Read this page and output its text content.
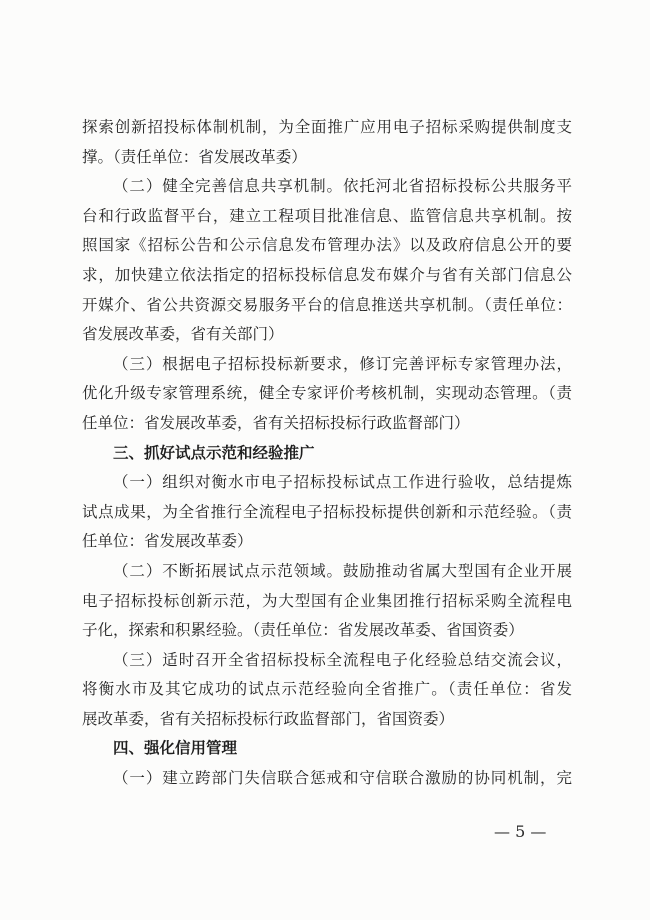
探索创新招投标体制机制，为全面推广应用电子招标采购提供制度支
撑。（责任单位：省发展改革委）
（二）健全完善信息共享机制。依托河北省招标投标公共服务平
台和行政监督平台，建立工程项目批准信息、监管信息共享机制。按
照国家《招标公告和公示信息发布管理办法》以及政府信息公开的要
求，加快建立依法指定的招标投标信息发布媒介与省有关部门信息公
开媒介、省公共资源交易服务平台的信息推送共享机制。（责任单位：
省发展改革委，省有关部门）
（三）根据电子招标投标新要求，修订完善评标专家管理办法，
优化升级专家管理系统，健全专家评价考核机制，实现动态管理。（责
任单位：省发展改革委，省有关招标投标行政监督部门）
三、抓好试点示范和经验推广
（一）组织对衡水市电子招标投标试点工作进行验收，总结提炼
试点成果，为全省推行全流程电子招标投标提供创新和示范经验。（责
任单位：省发展改革委）
（二）不断拓展试点示范领域。鼓励推动省属大型国有企业开展
电子招标投标创新示范，为大型国有企业集团推行招标采购全流程电
子化，探索和积累经验。（责任单位：省发展改革委、省国资委）
（三）适时召开全省招标投标全流程电子化经验总结交流会议，
将衡水市及其它成功的试点示范经验向全省推广。（责任单位：省发
展改革委，省有关招标投标行政监督部门，省国资委）
四、强化信用管理
（一）建立跨部门失信联合惩戒和守信联合激励的协同机制，完
— 5 —
